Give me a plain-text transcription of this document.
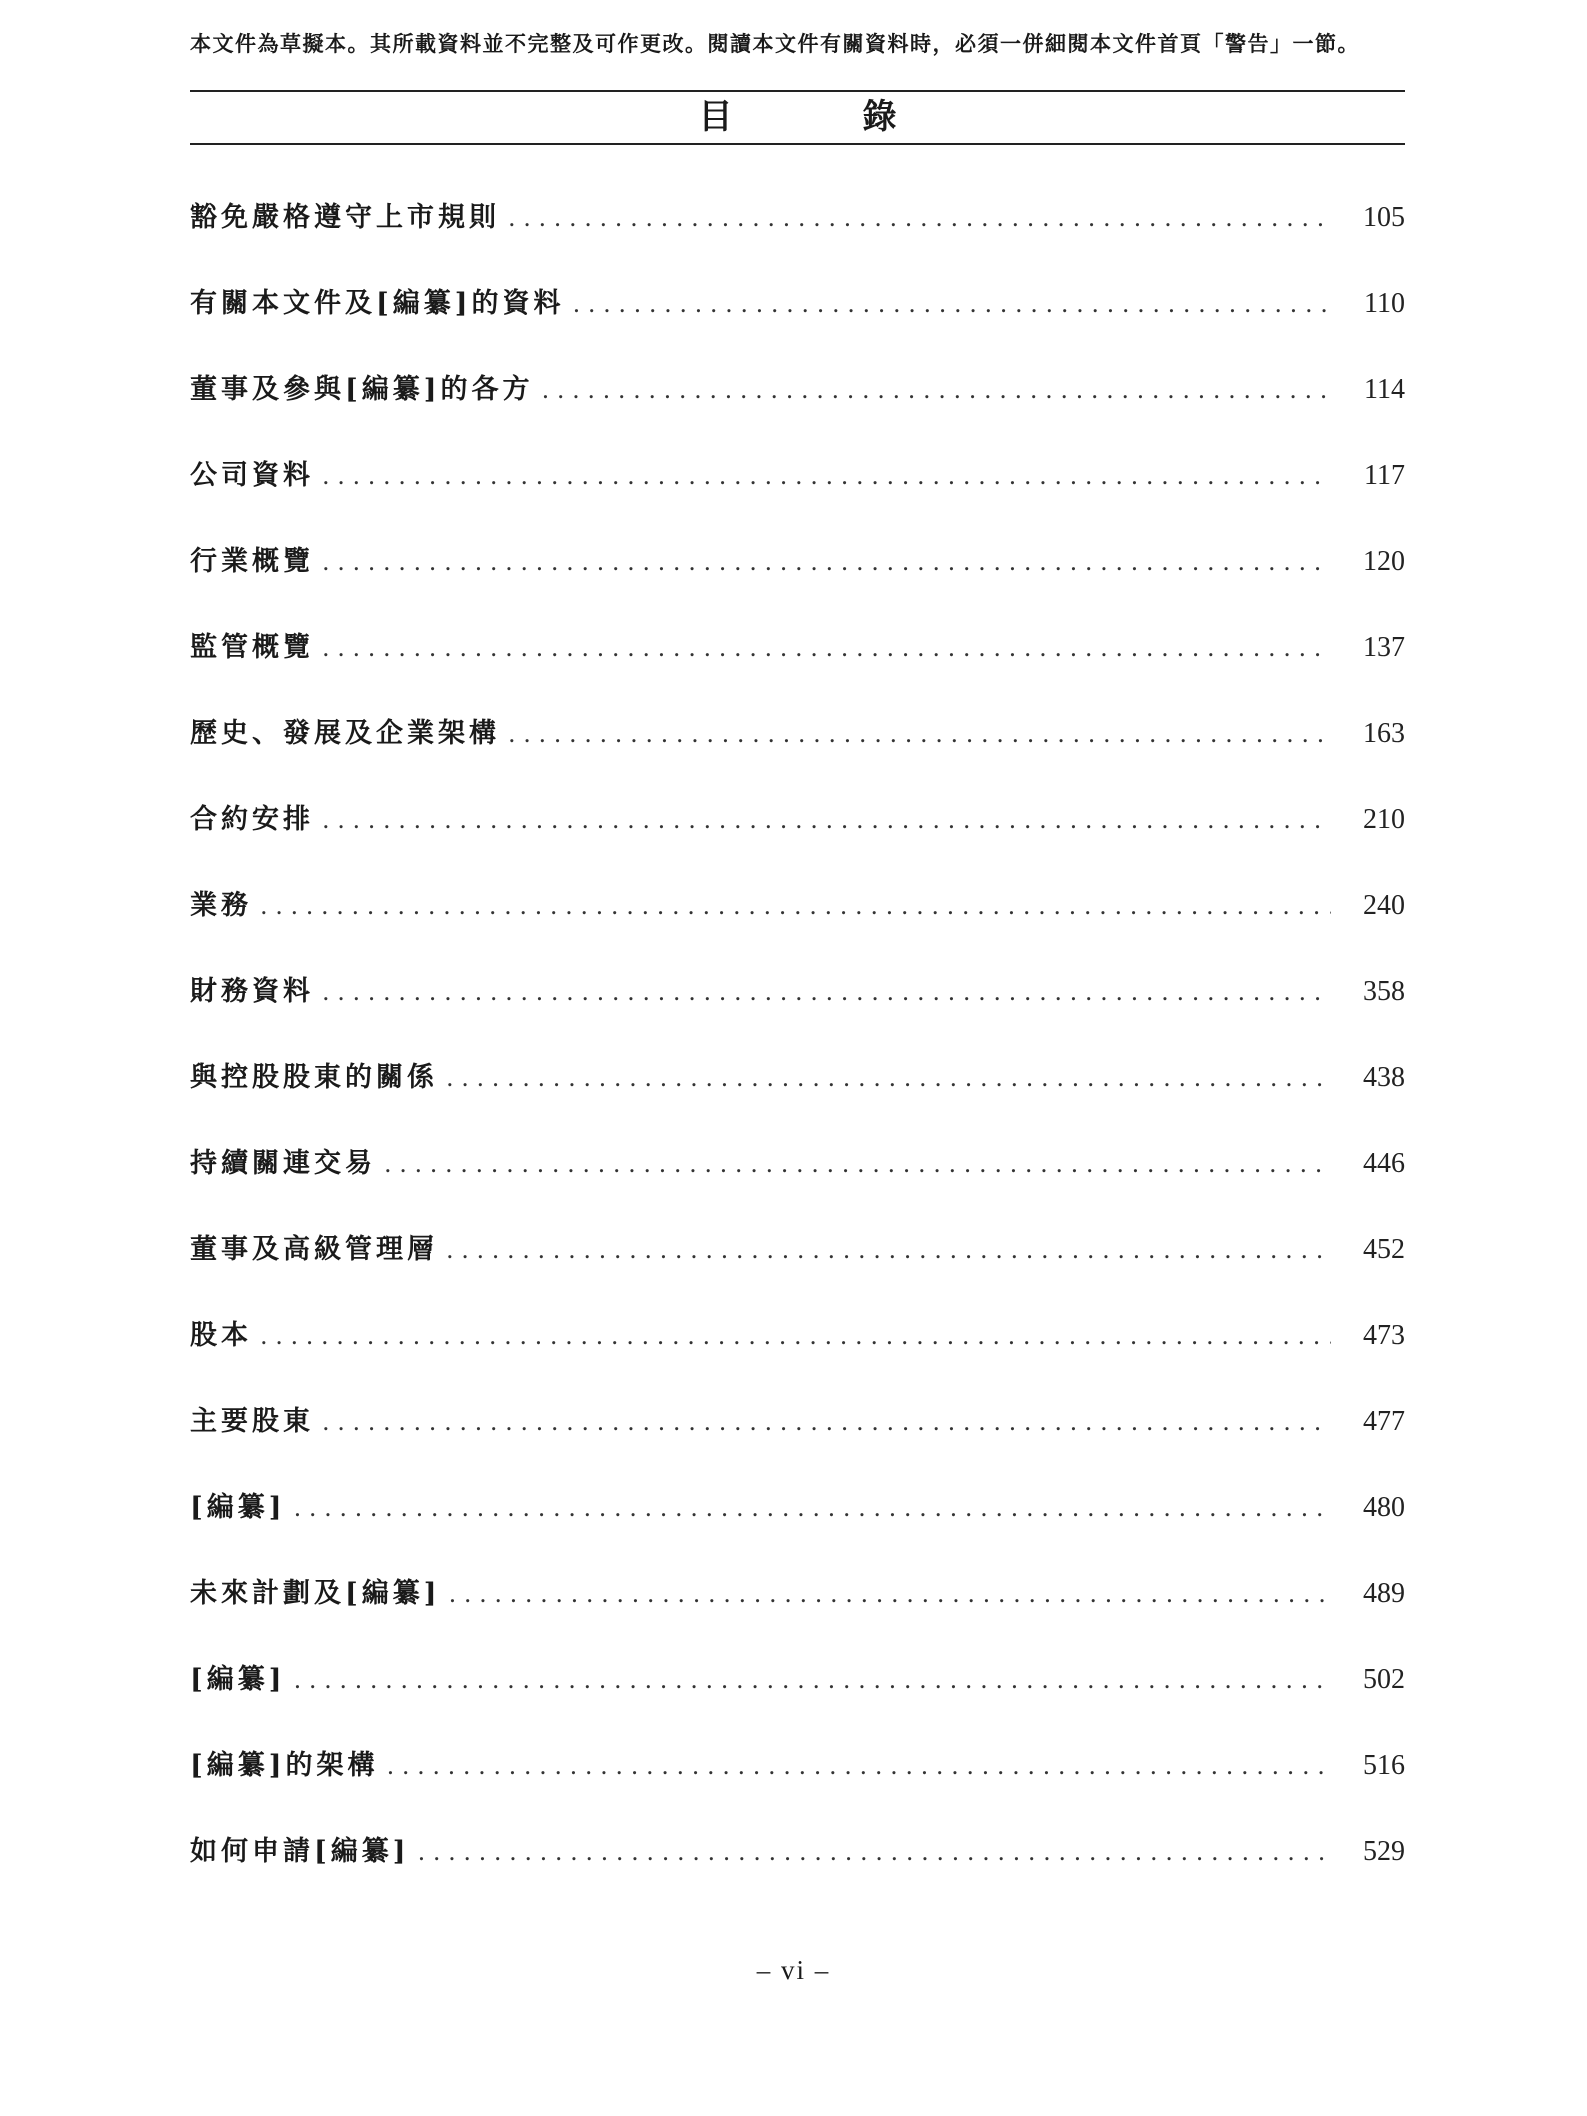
本文件為草擬本。其所載資料並不完整及可作更改。閱讀本文件有關資料時，必須一併細閱本文件首頁「警告」一節。
目　錄
豁免嚴格遵守上市規則 . . .	105
有關本文件及[編纂]的資料 . . .	110
董事及參與[編纂]的各方 . . .	114
公司資料 . . .	117
行業概覽 . . .	120
監管概覽 . . .	137
歷史、發展及企業架構 . . .	163
合約安排 . . .	210
業務 . . .	240
財務資料 . . .	358
與控股股東的關係 . . .	438
持續關連交易 . . .	446
董事及高級管理層 . . .	452
股本 . . .	473
主要股東 . . .	477
[編纂] . . .	480
未來計劃及[編纂] . . .	489
[編纂] . . .	502
[編纂]的架構 . . .	516
如何申請[編纂] . . .	529
– vi –
